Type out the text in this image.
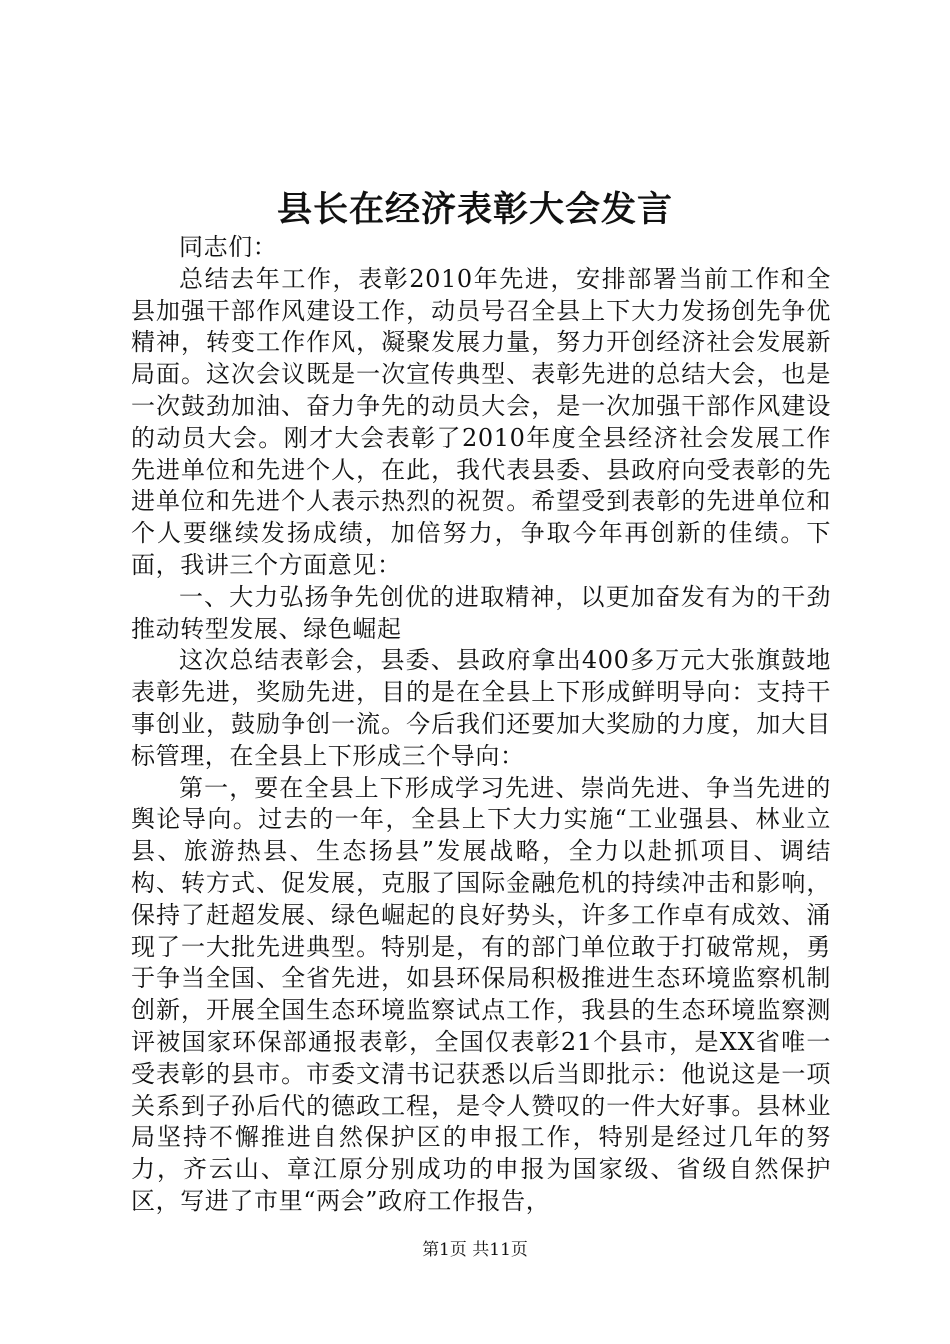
县长在经济表彰大会发言

同志们：

总结去年工作，表彰2010年先进，安排部署当前工作和全县加强干部作风建设工作，动员号召全县上下大力发扬创先争优精神，转变工作作风，凝聚发展力量，努力开创经济社会发展新局面。这次会议既是一次宣传典型、表彰先进的总结大会，也是一次鼓劲加油、奋力争先的动员大会，是一次加强干部作风建设的动员大会。刚才大会表彰了2010年度全县经济社会发展工作先进单位和先进个人，在此，我代表县委、县政府向受表彰的先进单位和先进个人表示热烈的祝贺。希望受到表彰的先进单位和个人要继续发扬成绩，加倍努力，争取今年再创新的佳绩。下面，我讲三个方面意见：

一、大力弘扬争先创优的进取精神，以更加奋发有为的干劲推动转型发展、绿色崛起

这次总结表彰会，县委、县政府拿出400多万元大张旗鼓地表彰先进，奖励先进，目的是在全县上下形成鲜明导向：支持干事创业，鼓励争创一流。今后我们还要加大奖励的力度，加大目标管理，在全县上下形成三个导向：

第一，要在全县上下形成学习先进、崇尚先进、争当先进的舆论导向。过去的一年，全县上下大力实施“工业强县、林业立县、旅游热县、生态扬县”发展战略，全力以赴抓项目、调结构、转方式、促发展，克服了国际金融危机的持续冲击和影响，保持了赶超发展、绿色崛起的良好势头，许多工作卓有成效、涌现了一大批先进典型。特别是，有的部门单位敢于打破常规，勇于争当全国、全省先进，如县环保局积极推进生态环境监察机制创新，开展全国生态环境监察试点工作，我县的生态环境监察测评被国家环保部通报表彰，全国仅表彰21个县市，是XX省唯一受表彰的县市。市委文清书记获悉以后当即批示：他说这是一项关系到子孙后代的德政工程，是令人赞叹的一件大好事。县林业局坚持不懈推进自然保护区的申报工作，特别是经过几年的努力，齐云山、章江原分别成功的申报为国家级、省级自然保护区，写进了市里“两会”政府工作报告，

第1页 共11页
